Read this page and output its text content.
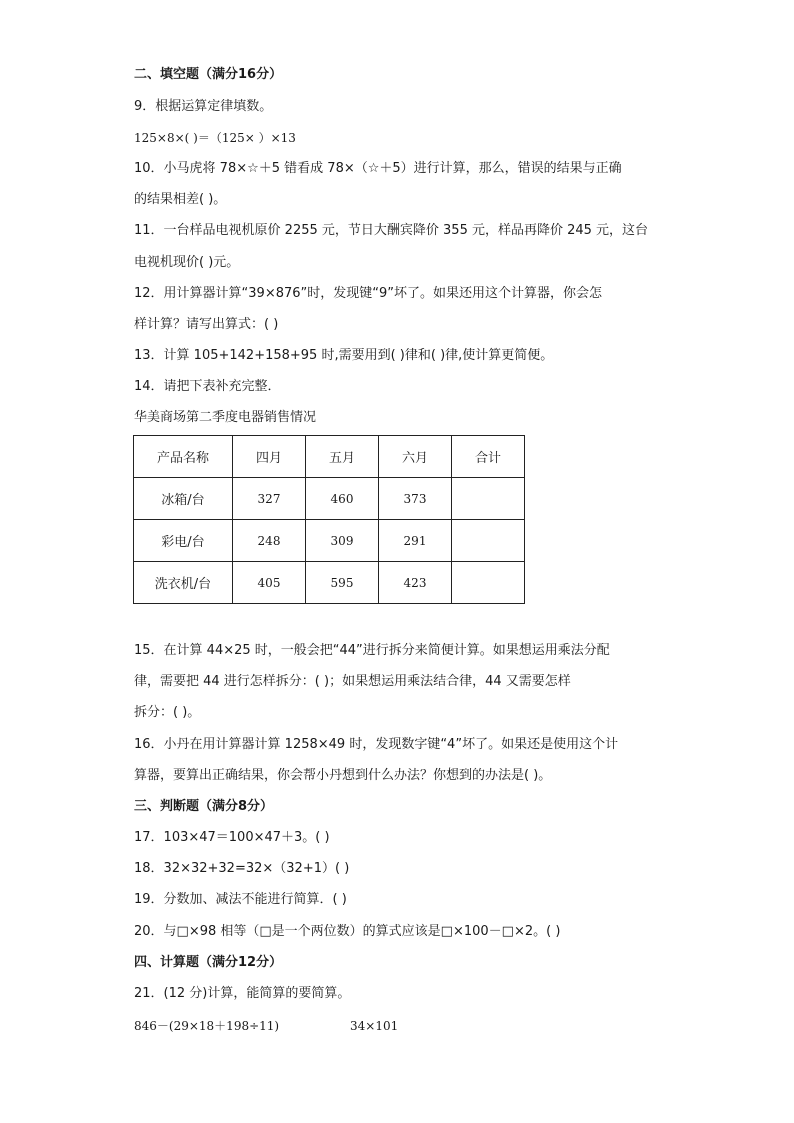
二、填空题（满分16分）
9．根据运算定律填数。
125×8×( )＝（125× ）×13
10．小马虎将 78×☆＋5 错看成 78×（☆＋5）进行计算，那么，错误的结果与正确
的结果相差( )。
11．一台样品电视机原价 2255 元，节日大酬宾降价 355 元，样品再降价 245 元，这台
电视机现价( )元。
12．用计算器计算“39×876”时，发现键“9”坏了。如果还用这个计算器，你会怎
样计算？请写出算式：( )
13．计算 105+142+158+95 时,需要用到( )律和( )律,使计算更简便。
14．请把下表补充完整．
华美商场第二季度电器销售情况
产品名称	四月	五月	六月	合计
冰箱/台	327	460	373	
彩电/台	248	309	291	
洗衣机/台	405	595	423	
15．在计算 44×25 时，一般会把“44”进行拆分来简便计算。如果想运用乘法分配
律，需要把 44 进行怎样拆分：( )；如果想运用乘法结合律，44 又需要怎样
拆分：( )。
16．小丹在用计算器计算 1258×49 时，发现数字键“4”坏了。如果还是使用这个计
算器，要算出正确结果，你会帮小丹想到什么办法？你想到的办法是( )。
三、判断题（满分8分）
17．103×47＝100×47＋3。( )
18．32×32+32=32×（32+1）( )
19．分数加、减法不能进行简算．( )
20．与□×98 相等（□是一个两位数）的算式应该是□×100－□×2。( )
四、计算题（满分12分）
21．(12 分)计算，能简算的要简算。
846－(29×18＋198÷11)	34×101
